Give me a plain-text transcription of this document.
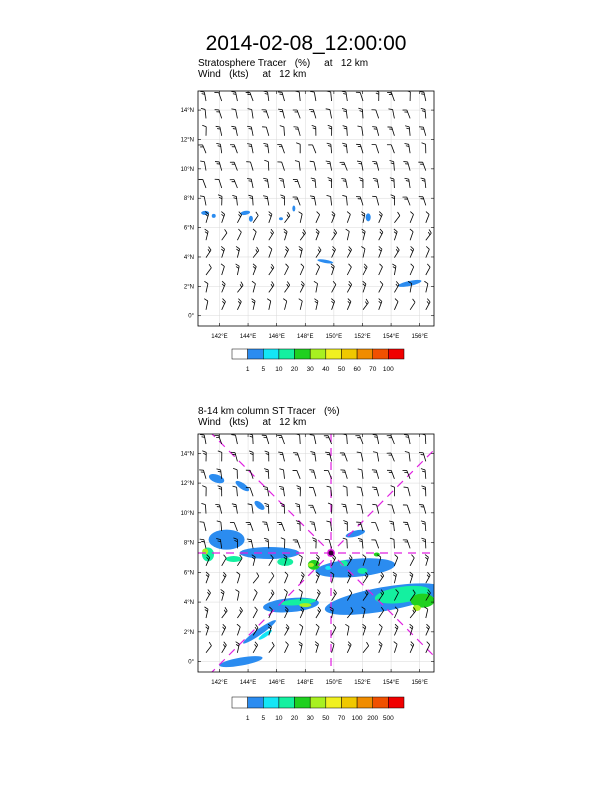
2014-02-08_12:00:00
Stratosphere Tracer   (%)     at   12 km
Wind   (kts)     at   12 km
8-14 km column ST Tracer   (%)
Wind   (kts)     at   12 km
142°E 144°E 146°E 148°E 150°E 152°E 154°E 156°E
0°
2°N
4°N
6°N
8°N
10°N
12°N
14°N
1 5 10 20 30 40 50 60 70 100
142°E 144°E 146°E 148°E 150°E 152°E 154°E 156°E
0°
2°N
4°N
6°N
8°N
10°N
12°N
14°N
1 5 10 20 30 50 70 100 200 500
